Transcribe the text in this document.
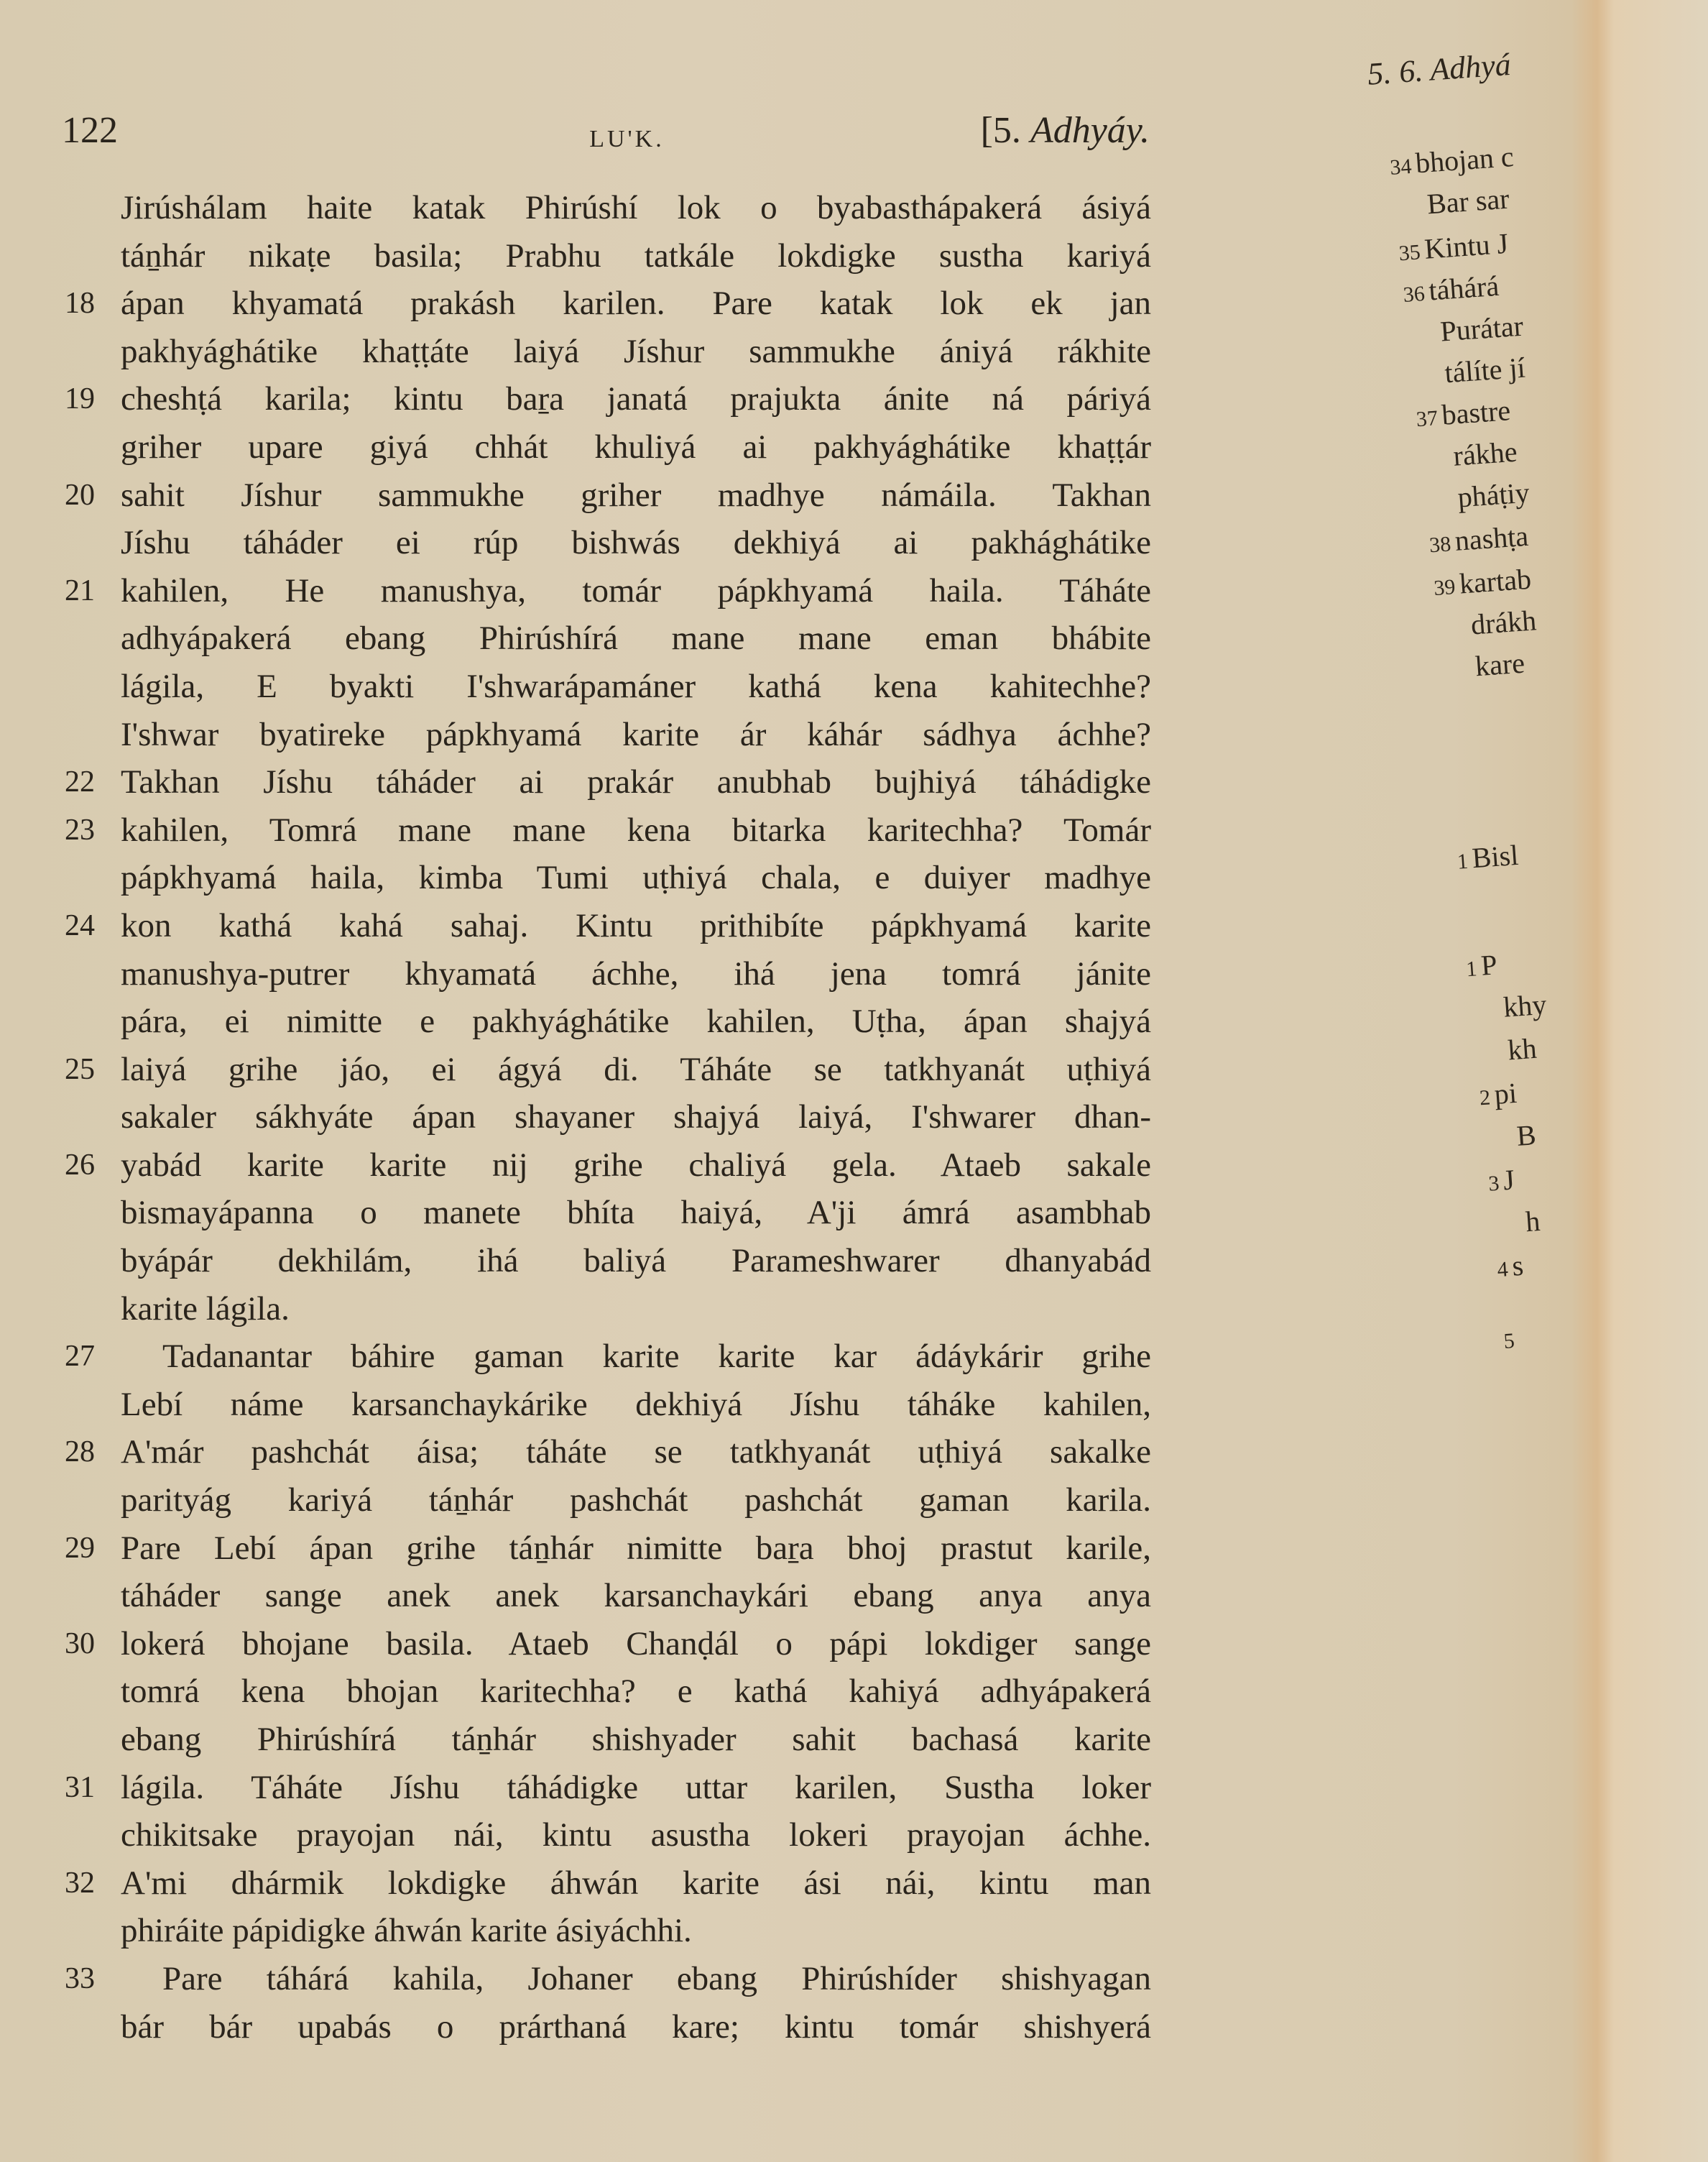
122	LU'K.	[5. Adhyáy.
Jirúshálam haite katak Phirúshí lok o byabasthápakerá ásiyá
táṉhár nikaṭe basila; Prabhu tatkále lokdigke sustha kariyá
18 ápan khyamatá prakásh karilen. Pare katak lok ek jan
pakhyághátike khaṭṭáte laiyá Jíshur sammukhe ániyá rákhite
19 cheshṭá karila; kintu baṟa janatá prajukta ánite ná páriyá
griher upare giyá chhát khuliyá ai pakhyághátike khaṭṭár
20 sahit Jíshur sammukhe griher madhye námáila. Takhan
Jíshu táháder ei rúp bishwás dekhiyá ai pakhághátike
21 kahilen, He manushya, tomár pápkhyamá haila. Táháte
adhyápakerá ebang Phirúshírá mane mane eman bhábite
lágila, E byakti I'shwarápamáner kathá kena kahitechhe?
I'shwar byatireke pápkhyamá karite ár káhár sádhya áchhe?
22 Takhan Jíshu táháder ai prakár anubhab bujhiyá táhádigke
23 kahilen, Tomrá mane mane kena bitarka karitechha? Tomár
pápkhyamá haila, kimba Tumi uṭhiyá chala, e duiyer madhye
24 kon kathá kahá sahaj. Kintu prithibíte pápkhyamá karite
manushya-putrer khyamatá áchhe, ihá jena tomrá jánite
pára, ei nimitte e pakhyághátike kahilen, Uṭha, ápan shajyá
25 laiyá grihe jáo, ei ágyá di. Táháte se tatkhyanát uṭhiyá
sakaler sákhyáte ápan shayaner shajyá laiyá, I'shwarer dhan-
26 yabád karite karite nij grihe chaliyá gela. Ataeb sakale
bismayápanna o manete bhíta haiyá, A'ji ámrá asambhab
byápár dekhilám, ihá baliyá Parameshwarer dhanyabád
karite lágila.
27	Tadanantar báhire gaman karite karite kar ádáykárir grihe
Lebí náme karsanchaykárike dekhiyá Jíshu táháke kahilen,
28 A'már pashchát áisa; táháte se tatkhyanát uṭhiyá sakalke
parityág kariyá táṉhár pashchát pashchát gaman karila.
29 Pare Lebí ápan grihe táṉhár nimitte baṟa bhoj prastut karile,
táháder sange anek anek karsanchaykári ebang anya anya
30 lokerá bhojane basila. Ataeb Chanḍál o pápi lokdiger sange
tomrá kena bhojan karitechha? e kathá kahiyá adhyápakerá
ebang Phirúshírá táṉhár shishyader sahit bachasá karite
31 lágila. Táháte Jíshu táhádigke uttar karilen, Sustha loker
chikitsake prayojan nái, kintu asustha lokeri prayojan áchhe.
32 A'mi dhármik lokdigke áhwán karite ási nái, kintu man
phiráite pápidigke áhwán karite ásiyáchhi.
33	Pare táhárá kahila, Johaner ebang Phirúshíder shishyagan
bár bár upabás o prárthaná kare; kintu tomár shishyerá
5. 6. Adhyá
34bhojan c
Bar sar
35Kintu J
36táhárá
Purátar
tálíte jí
37bastre
rákhe
pháṭiy
38nashṭa
39kartab
drákh
kare
1Bisl
1P
khy
kh
2pi
B
3J
h
4s
5
